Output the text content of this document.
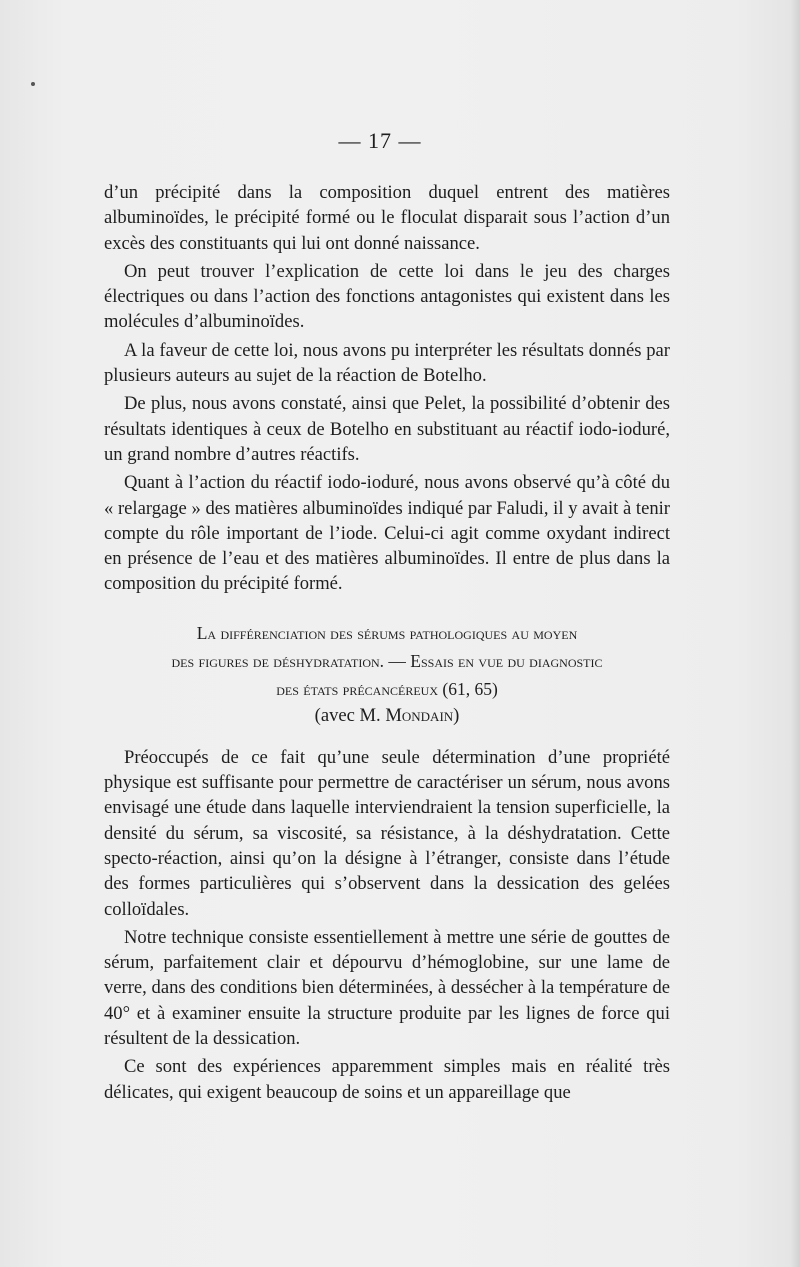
— 17 —

d’un précipité dans la composition duquel entrent des matières albuminoïdes, le précipité formé ou le floculat disparait sous l’action d’un excès des constituants qui lui ont donné naissance.

On peut trouver l’explication de cette loi dans le jeu des charges électriques ou dans l’action des fonctions antagonistes qui existent dans les molécules d’albuminoïdes.

A la faveur de cette loi, nous avons pu interpréter les résultats donnés par plusieurs auteurs au sujet de la réaction de Botelho.

De plus, nous avons constaté, ainsi que Pelet, la possibilité d’obtenir des résultats identiques à ceux de Botelho en substituant au réactif iodo-ioduré, un grand nombre d’autres réactifs.

Quant à l’action du réactif iodo-ioduré, nous avons observé qu’à côté du « relargage » des matières albuminoïdes indiqué par Faludi, il y avait à tenir compte du rôle important de l’iode. Celui-ci agit comme oxydant indirect en présence de l’eau et des matières albuminoïdes. Il entre de plus dans la composition du précipité formé.

La différenciation des sérums pathologiques au moyen
des figures de déshydratation. — Essais en vue du diagnostic
des états précancéreux (61, 65)
(avec M. Mondain)

Préoccupés de ce fait qu’une seule détermination d’une propriété physique est suffisante pour permettre de caractériser un sérum, nous avons envisagé une étude dans laquelle interviendraient la tension superficielle, la densité du sérum, sa viscosité, sa résistance, à la déshydratation. Cette specto-réaction, ainsi qu’on la désigne à l’étranger, consiste dans l’étude des formes particulières qui s’observent dans la dessication des gelées colloïdales.

Notre technique consiste essentiellement à mettre une série de gouttes de sérum, parfaitement clair et dépourvu d’hémoglobine, sur une lame de verre, dans des conditions bien déterminées, à dessécher à la température de 40° et à examiner ensuite la structure produite par les lignes de force qui résultent de la dessication.

Ce sont des expériences apparemment simples mais en réalité très délicates, qui exigent beaucoup de soins et un appareillage que
